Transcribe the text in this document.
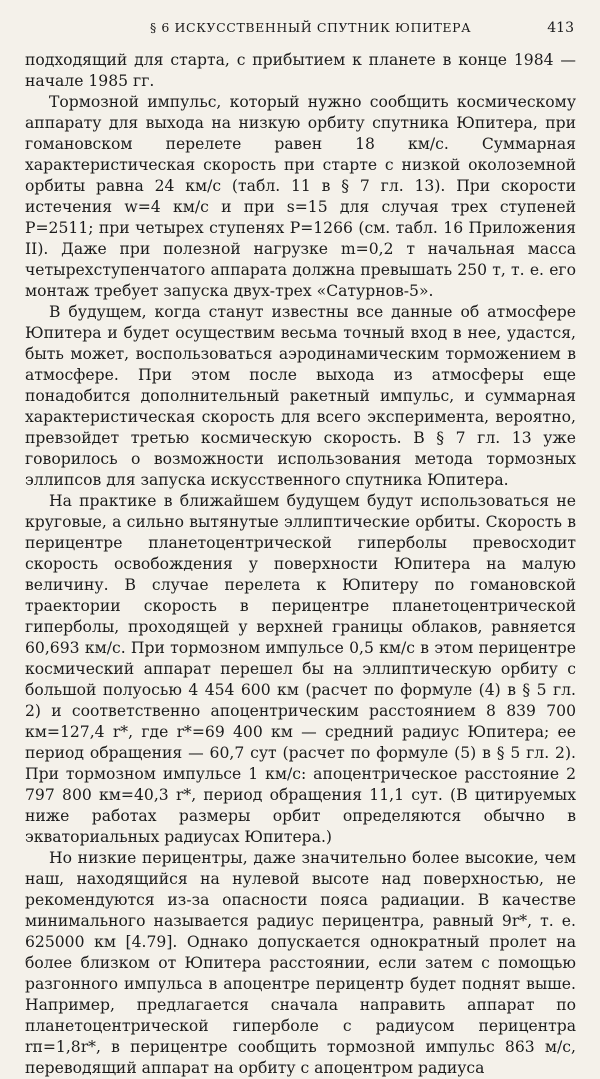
§ 6 ИСКУССТВЕННЫЙ СПУТНИК ЮПИТЕРА	413

подходящий для старта, с прибытием к планете в конце 1984 — начале 1985 гг.

Тормозной импульс, который нужно сообщить космическому аппарату для выхода на низкую орбиту спутника Юпитера, при гомановском перелете равен 18 км/с. Суммарная характеристическая скорость при старте с низкой околоземной орбиты равна 24 км/с (табл. 11 в § 7 гл. 13). При скорости истечения w=4 км/с и при s=15 для случая трех ступеней P=2511; при четырех ступенях P=1266 (см. табл. 16 Приложения II). Даже при полезной нагрузке m=0,2 т начальная масса четырехступенчатого аппарата должна превышать 250 т, т. е. его монтаж требует запуска двух-трех «Сатурнов-5».

В будущем, когда станут известны все данные об атмосфере Юпитера и будет осуществим весьма точный вход в нее, удастся, быть может, воспользоваться аэродинамическим торможением в атмосфере. При этом после выхода из атмосферы еще понадобится дополнительный ракетный импульс, и суммарная характеристическая скорость для всего эксперимента, вероятно, превзойдет третью космическую скорость. В § 7 гл. 13 уже говорилось о возможности использования метода тормозных эллипсов для запуска искусственного спутника Юпитера.

На практике в ближайшем будущем будут использоваться не круговые, а сильно вытянутые эллиптические орбиты. Скорость в перицентре планетоцентрической гиперболы превосходит скорость освобождения у поверхности Юпитера на малую величину. В случае перелета к Юпитеру по гомановской траектории скорость в перицентре планетоцентрической гиперболы, проходящей у верхней границы облаков, равняется 60,693 км/с. При тормозном импульсе 0,5 км/с в этом перицентре космический аппарат перешел бы на эллиптическую орбиту с большой полуосью 4 454 600 км (расчет по формуле (4) в § 5 гл. 2) и соответственно апоцентрическим расстоянием 8 839 700 км=127,4 r*, где r*=69 400 км — средний радиус Юпитера; ее период обращения — 60,7 сут (расчет по формуле (5) в § 5 гл. 2). При тормозном импульсе 1 км/с: апоцентрическое расстояние 2 797 800 км=40,3 r*, период обращения 11,1 сут. (В цитируемых ниже работах размеры орбит определяются обычно в экваториальных радиусах Юпитера.)

Но низкие перицентры, даже значительно более высокие, чем наш, находящийся на нулевой высоте над поверхностью, не рекомендуются из-за опасности пояса радиации. В качестве минимального называется радиус перицентра, равный 9r*, т. е. 625000 км [4.79]. Однако допускается однократный пролет на более близком от Юпитера расстоянии, если затем с помощью разгонного импульса в апоцентре перицентр будет поднят выше. Например, предлагается сначала направить аппарат по планетоцентрической гиперболе с радиусом перицентра rп=1,8r*, в перицентре сообщить тормозной импульс 863 м/с, переводящий аппарат на орбиту с апоцентром радиуса
